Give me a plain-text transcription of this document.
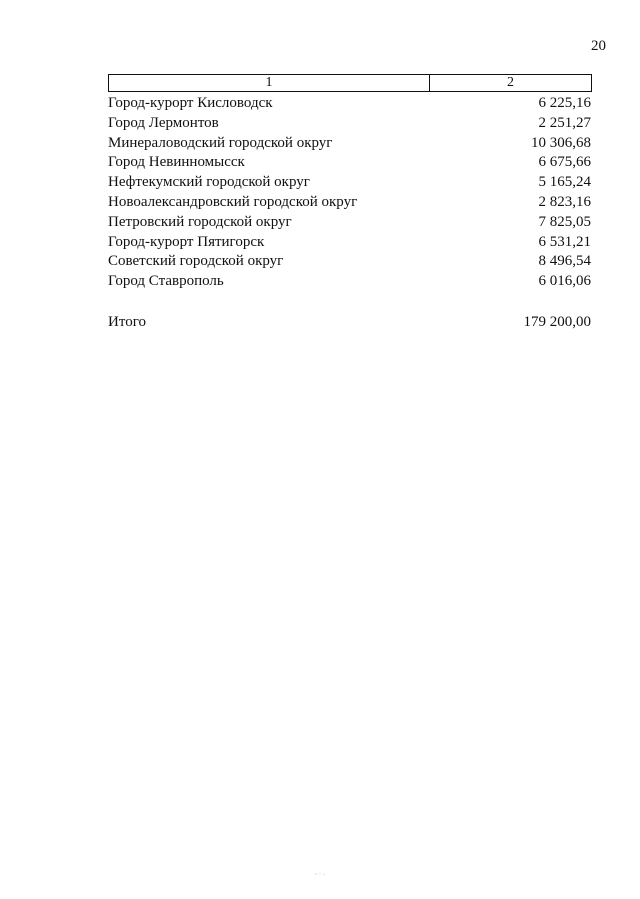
20
1	2
Город-курорт Кисловодск	6 225,16
Город Лермонтов	2 251,27
Минераловодский городской округ	10 306,68
Город Невинномысск	6 675,66
Нефтекумский городской округ	5 165,24
Новоалександровский городской округ	2 823,16
Петровский городской округ	7 825,05
Город-курорт Пятигорск	6 531,21
Советский городской округ	8 496,54
Город Ставрополь	6 016,06
Итого	179 200,00
